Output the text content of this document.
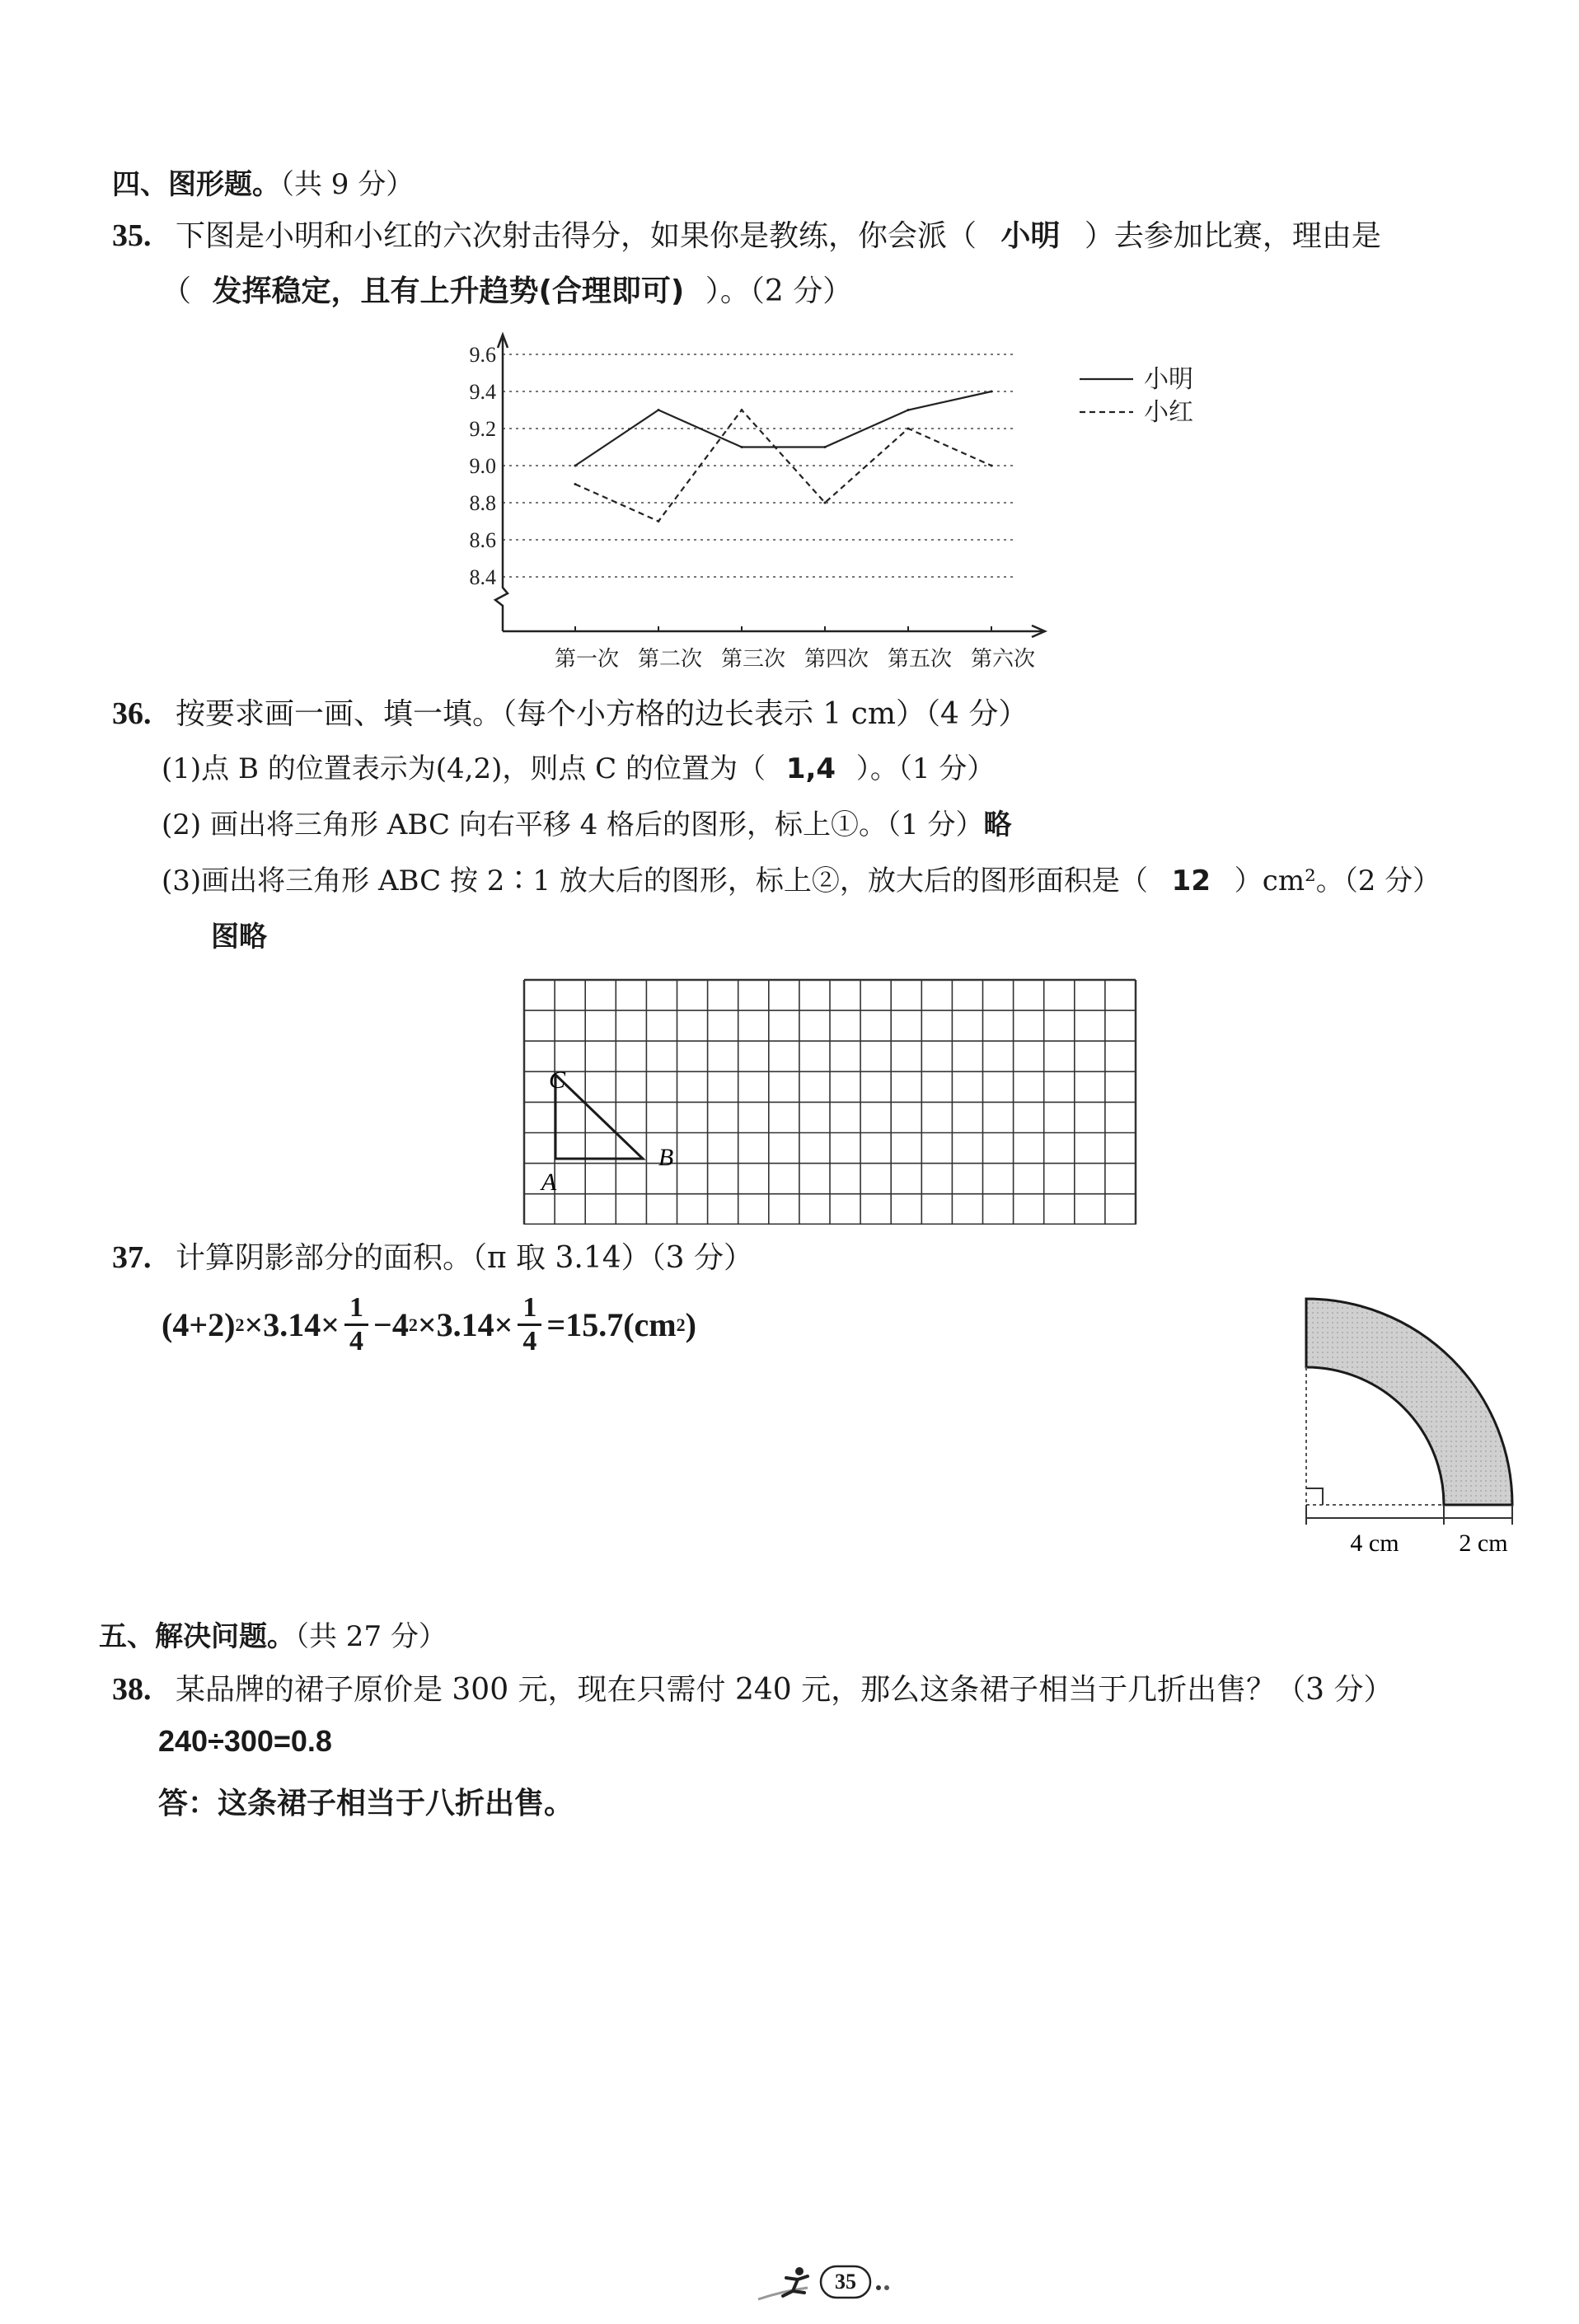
四、图形题。（共 9 分）
35. 下图是小明和小红的六次射击得分，如果你是教练，你会派（ 小明 ）去参加比赛，理由是
（ 发挥稳定，且有上升趋势(合理即可) ）。（2 分）
8.4
8.6
8.8
9.0
9.2
9.4
9.6
第一次 第二次 第三次 第四次 第五次 第六次
小明
小红
36. 按要求画一画、填一填。（每个小方格的边长表示 1 cm）（4 分）
(1)点 B 的位置表示为(4,2)，则点 C 的位置为（ 1,4 ）。（1 分）
(2) 画出将三角形 ABC 向右平移 4 格后的图形，标上①。（1 分）略
(3)画出将三角形 ABC 按 2∶1 放大后的图形，标上②，放大后的图形面积是（ 12 ）cm²。（2 分）
图略
A
B
C
37. 计算阴影部分的面积。（π 取 3.14）（3 分）
(4+2) $2 \times 3.14\times \frac{1}{4} -4$ $2 \times 3.14\times \frac{1}{4} =15.7(cm$ 2 )
4 cm 2 cm
五、解决问题。（共 27 分）
38. 某品牌的裙子原价是 300 元，现在只需付 240 元，那么这条裙子相当于几折出售？（3 分）
240÷300=0.8
答：这条裙子相当于八折出售。
35
